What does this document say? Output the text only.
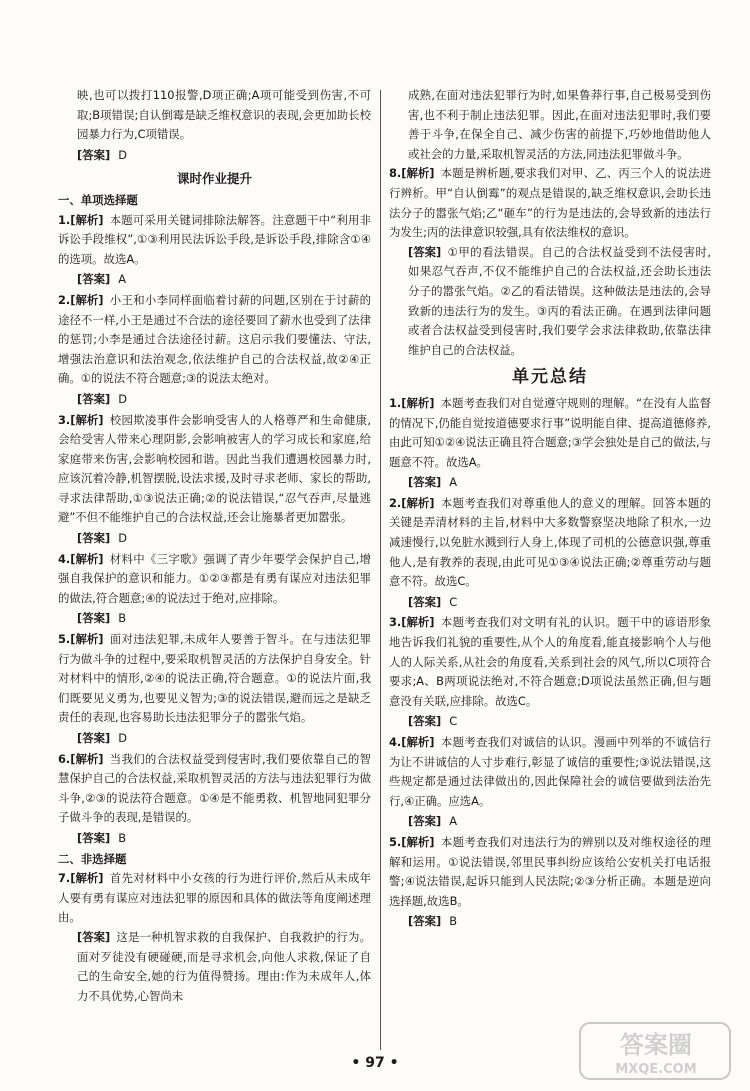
映,也可以拨打110报警,D项正确;A项可能受到伤害,不可取;B项错误;自认倒霉是缺乏维权意识的表现,会更加助长校园暴力行为,C项错误。

[答案] D

课时作业提升

一、单项选择题

1.[解析] 本题可采用关键词排除法解答。注意题干中“利用非诉讼手段维权”,①③利用民法诉讼手段,是诉讼手段,排除含①④的选项。故选A。

[答案] A

2.[解析] 小王和小李同样面临着讨薪的问题,区别在于讨薪的途径不一样,小王是通过不合法的途径要回了薪水也受到了法律的惩罚;小李是通过合法途径讨薪。这启示我们要懂法、守法,增强法治意识和法治观念,依法维护自己的合法权益,故②④正确。①的说法不符合题意;③的说法太绝对。

[答案] D

3.[解析] 校园欺凌事件会影响受害人的人格尊严和生命健康,会给受害人带来心理阴影,会影响被害人的学习成长和家庭,给家庭带来伤害,会影响校园和谐。因此当我们遭遇校园暴力时,应该沉着冷静,机智摆脱,设法求援,及时寻求老师、家长的帮助,寻求法律帮助,①③说法正确;②的说法错误,“忍气吞声,尽量逃避”不但不能维护自己的合法权益,还会让施暴者更加嚣张。

[答案] D

4.[解析] 材料中《三字歌》强调了青少年要学会保护自己,增强自我保护的意识和能力。①②③都是有勇有谋应对违法犯罪的做法,符合题意;④的说法过于绝对,应排除。

[答案] B

5.[解析] 面对违法犯罪,未成年人要善于智斗。在与违法犯罪行为做斗争的过程中,要采取机智灵活的方法保护自身安全。针对材料中的情形,②④的说法正确,符合题意。①的说法片面,我们既要见义勇为,也要见义智为;③的说法错误,避而远之是缺乏责任的表现,也容易助长违法犯罪分子的嚣张气焰。

[答案] D

6.[解析] 当我们的合法权益受到侵害时,我们要依靠自己的智慧保护自己的合法权益,采取机智灵活的方法与违法犯罪行为做斗争,②③的说法符合题意。①④是不能勇救、机智地同犯罪分子做斗争的表现,是错误的。

[答案] B

二、非选择题

7.[解析] 首先对材料中小女孩的行为进行评价,然后从未成年人要有勇有谋应对违法犯罪的原因和具体的做法等角度阐述理由。

[答案] 这是一种机智求救的自我保护、自我救护的行为。面对歹徒没有硬碰硬,而是寻求机会,向他人求救,保证了自己的生命安全,她的行为值得赞扬。理由:作为未成年人,体力不具优势,心智尚未

成熟,在面对违法犯罪行为时,如果鲁莽行事,自己极易受到伤害,也不利于制止违法犯罪。因此,在面对违法犯罪时,我们要善于斗争,在保全自己、减少伤害的前提下,巧妙地借助他人或社会的力量,采取机智灵活的方法,同违法犯罪做斗争。

8.[解析] 本题是辨析题,要求我们对甲、乙、丙三个人的说法进行辨析。甲“自认倒霉”的观点是错误的,缺乏维权意识,会助长违法分子的嚣张气焰;乙“砸车”的行为是违法的,会导致新的违法行为发生;丙的法律意识较强,具有依法维权的意识。

[答案] ①甲的看法错误。自己的合法权益受到不法侵害时,如果忍气吞声,不仅不能维护自己的合法权益,还会助长违法分子的嚣张气焰。②乙的看法错误。这种做法是违法的,会导致新的违法行为的发生。③丙的看法正确。在遇到法律问题或者合法权益受到侵害时,我们要学会求法律救助,依靠法律维护自己的合法权益。

单元总结

1.[解析] 本题考查我们对自觉遵守规则的理解。“在没有人监督的情况下,仍能自觉按道德要求行事”说明能自律、提高道德修养,由此可知①②④说法正确且符合题意;③学会独处是自己的做法,与题意不符。故选A。

[答案] A

2.[解析] 本题考查我们对尊重他人的意义的理解。回答本题的关键是弄清材料的主旨,材料中大多数警察坚决地除了积水,一边减速慢行,以免脏水溅到行人身上,体现了司机的公德意识强,尊重他人,是有教养的表现,由此可见①③④说法正确;②尊重劳动与题意不符。故选C。

[答案] C

3.[解析] 本题考查我们对文明有礼的认识。题干中的谚语形象地告诉我们礼貌的重要性,从个人的角度看,能直接影响个人与他人的人际关系,从社会的角度看,关系到社会的风气,所以C项符合要求;A、B两项说法绝对,不符合题意;D项说法虽然正确,但与题意没有关联,应排除。故选C。

[答案] C

4.[解析] 本题考查我们对诚信的认识。漫画中列举的不诚信行为让不讲诚信的人寸步难行,彰显了诚信的重要性;③说法错误,这些规定都是通过法律做出的,因此保障社会的诚信要做到法治先行,④正确。应选A。

[答案] A

5.[解析] 本题考查我们对违法行为的辨别以及对维权途径的理解和运用。①说法错误,邻里民事纠纷应该给公安机关打电话报警;④说法错误,起诉只能到人民法院;②③分析正确。本题是逆向选择题,故选B。

[答案] B

• 97 •
答案圈
MXQE.COM
